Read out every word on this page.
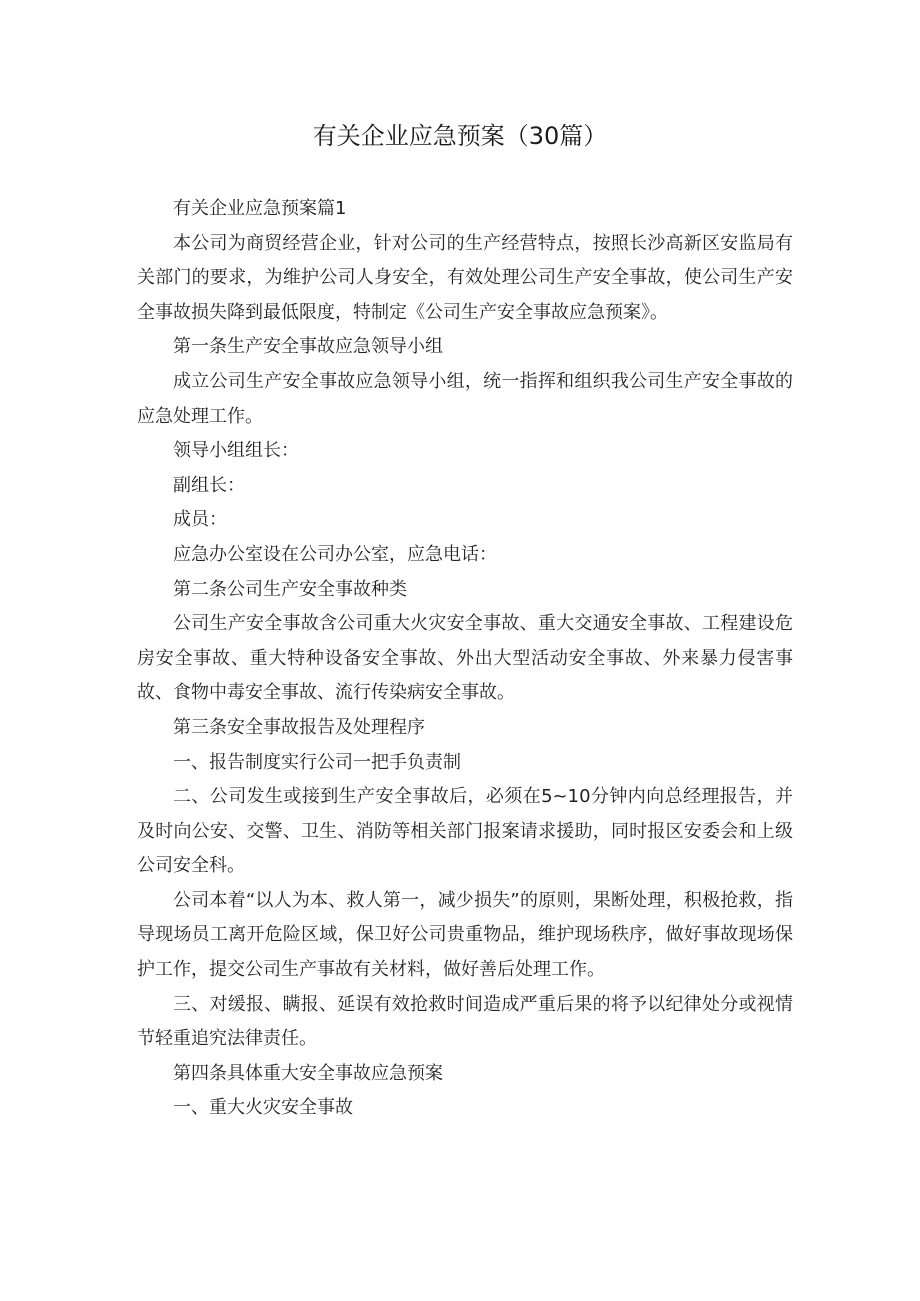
有关企业应急预案（30篇）

有关企业应急预案篇1

本公司为商贸经营企业，针对公司的生产经营特点，按照长沙高新区安监局有关部门的要求，为维护公司人身安全，有效处理公司生产安全事故，使公司生产安全事故损失降到最低限度，特制定《公司生产安全事故应急预案》。

第一条生产安全事故应急领导小组

成立公司生产安全事故应急领导小组，统一指挥和组织我公司生产安全事故的应急处理工作。

领导小组组长：

副组长：

成员：

应急办公室设在公司办公室，应急电话：

第二条公司生产安全事故种类

公司生产安全事故含公司重大火灾安全事故、重大交通安全事故、工程建设危房安全事故、重大特种设备安全事故、外出大型活动安全事故、外来暴力侵害事故、食物中毒安全事故、流行传染病安全事故。

第三条安全事故报告及处理程序

一、报告制度实行公司一把手负责制

二、公司发生或接到生产安全事故后，必须在5~10分钟内向总经理报告，并及时向公安、交警、卫生、消防等相关部门报案请求援助，同时报区安委会和上级公司安全科。

公司本着“以人为本、救人第一，减少损失”的原则，果断处理，积极抢救，指导现场员工离开危险区域，保卫好公司贵重物品，维护现场秩序，做好事故现场保护工作，提交公司生产事故有关材料，做好善后处理工作。

三、对缓报、瞒报、延误有效抢救时间造成严重后果的将予以纪律处分或视情节轻重追究法律责任。

第四条具体重大安全事故应急预案

一、重大火灾安全事故
